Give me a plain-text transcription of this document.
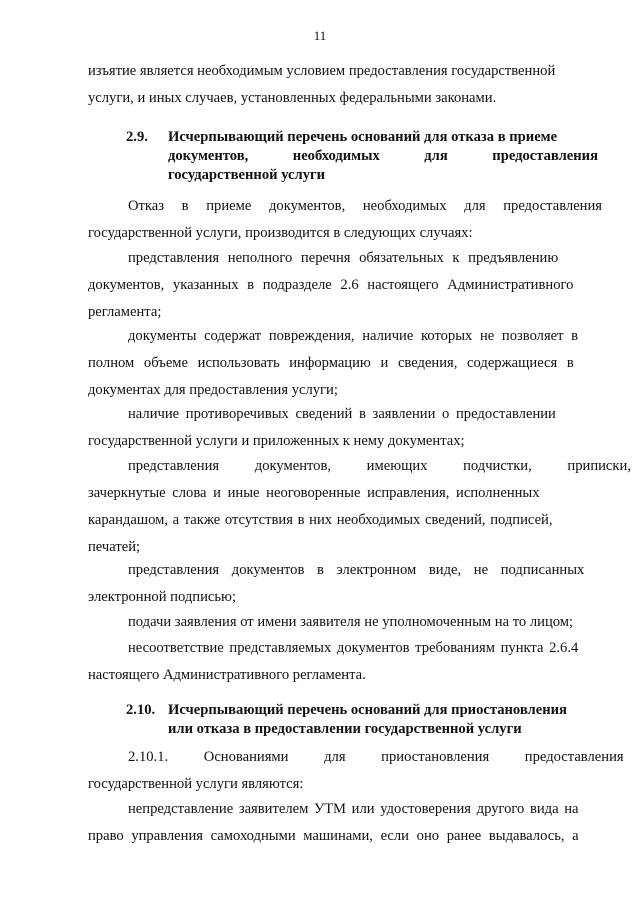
11
изъятие является необходимым условием предоставления государственной
услуги, и иных случаев, установленных федеральными законами.
2.9. Исчерпывающий перечень оснований для отказа в приеме
документов,	необходимых	для	предоставления
государственной услуги
Отказ в приеме документов, необходимых для предоставления
государственной услуги, производится в следующих случаях:
представления неполного перечня обязательных к предъявлению
документов, указанных в подразделе 2.6 настоящего Административного
регламента;
документы содержат повреждения, наличие которых не позволяет в
полном объеме использовать информацию и сведения, содержащиеся в
документах для предоставления услуги;
наличие противоречивых сведений в заявлении о предоставлении
государственной услуги и приложенных к нему документах;
представления документов, имеющих подчистки, приписки,
зачеркнутые слова и иные неоговоренные исправления, исполненных
карандашом, а также отсутствия в них необходимых сведений, подписей,
печатей;
представления документов в электронном виде, не подписанных
электронной подписью;
подачи заявления от имени заявителя не уполномоченным на то лицом;
несоответствие представляемых документов требованиям пункта 2.6.4
настоящего Административного регламента.
2.10. Исчерпывающий перечень оснований для приостановления
или отказа в предоставлении государственной услуги
2.10.1. Основаниями для приостановления предоставления
государственной услуги являются:
непредставление заявителем УТМ или удостоверения другого вида на
право управления самоходными машинами, если оно ранее выдавалось, а
